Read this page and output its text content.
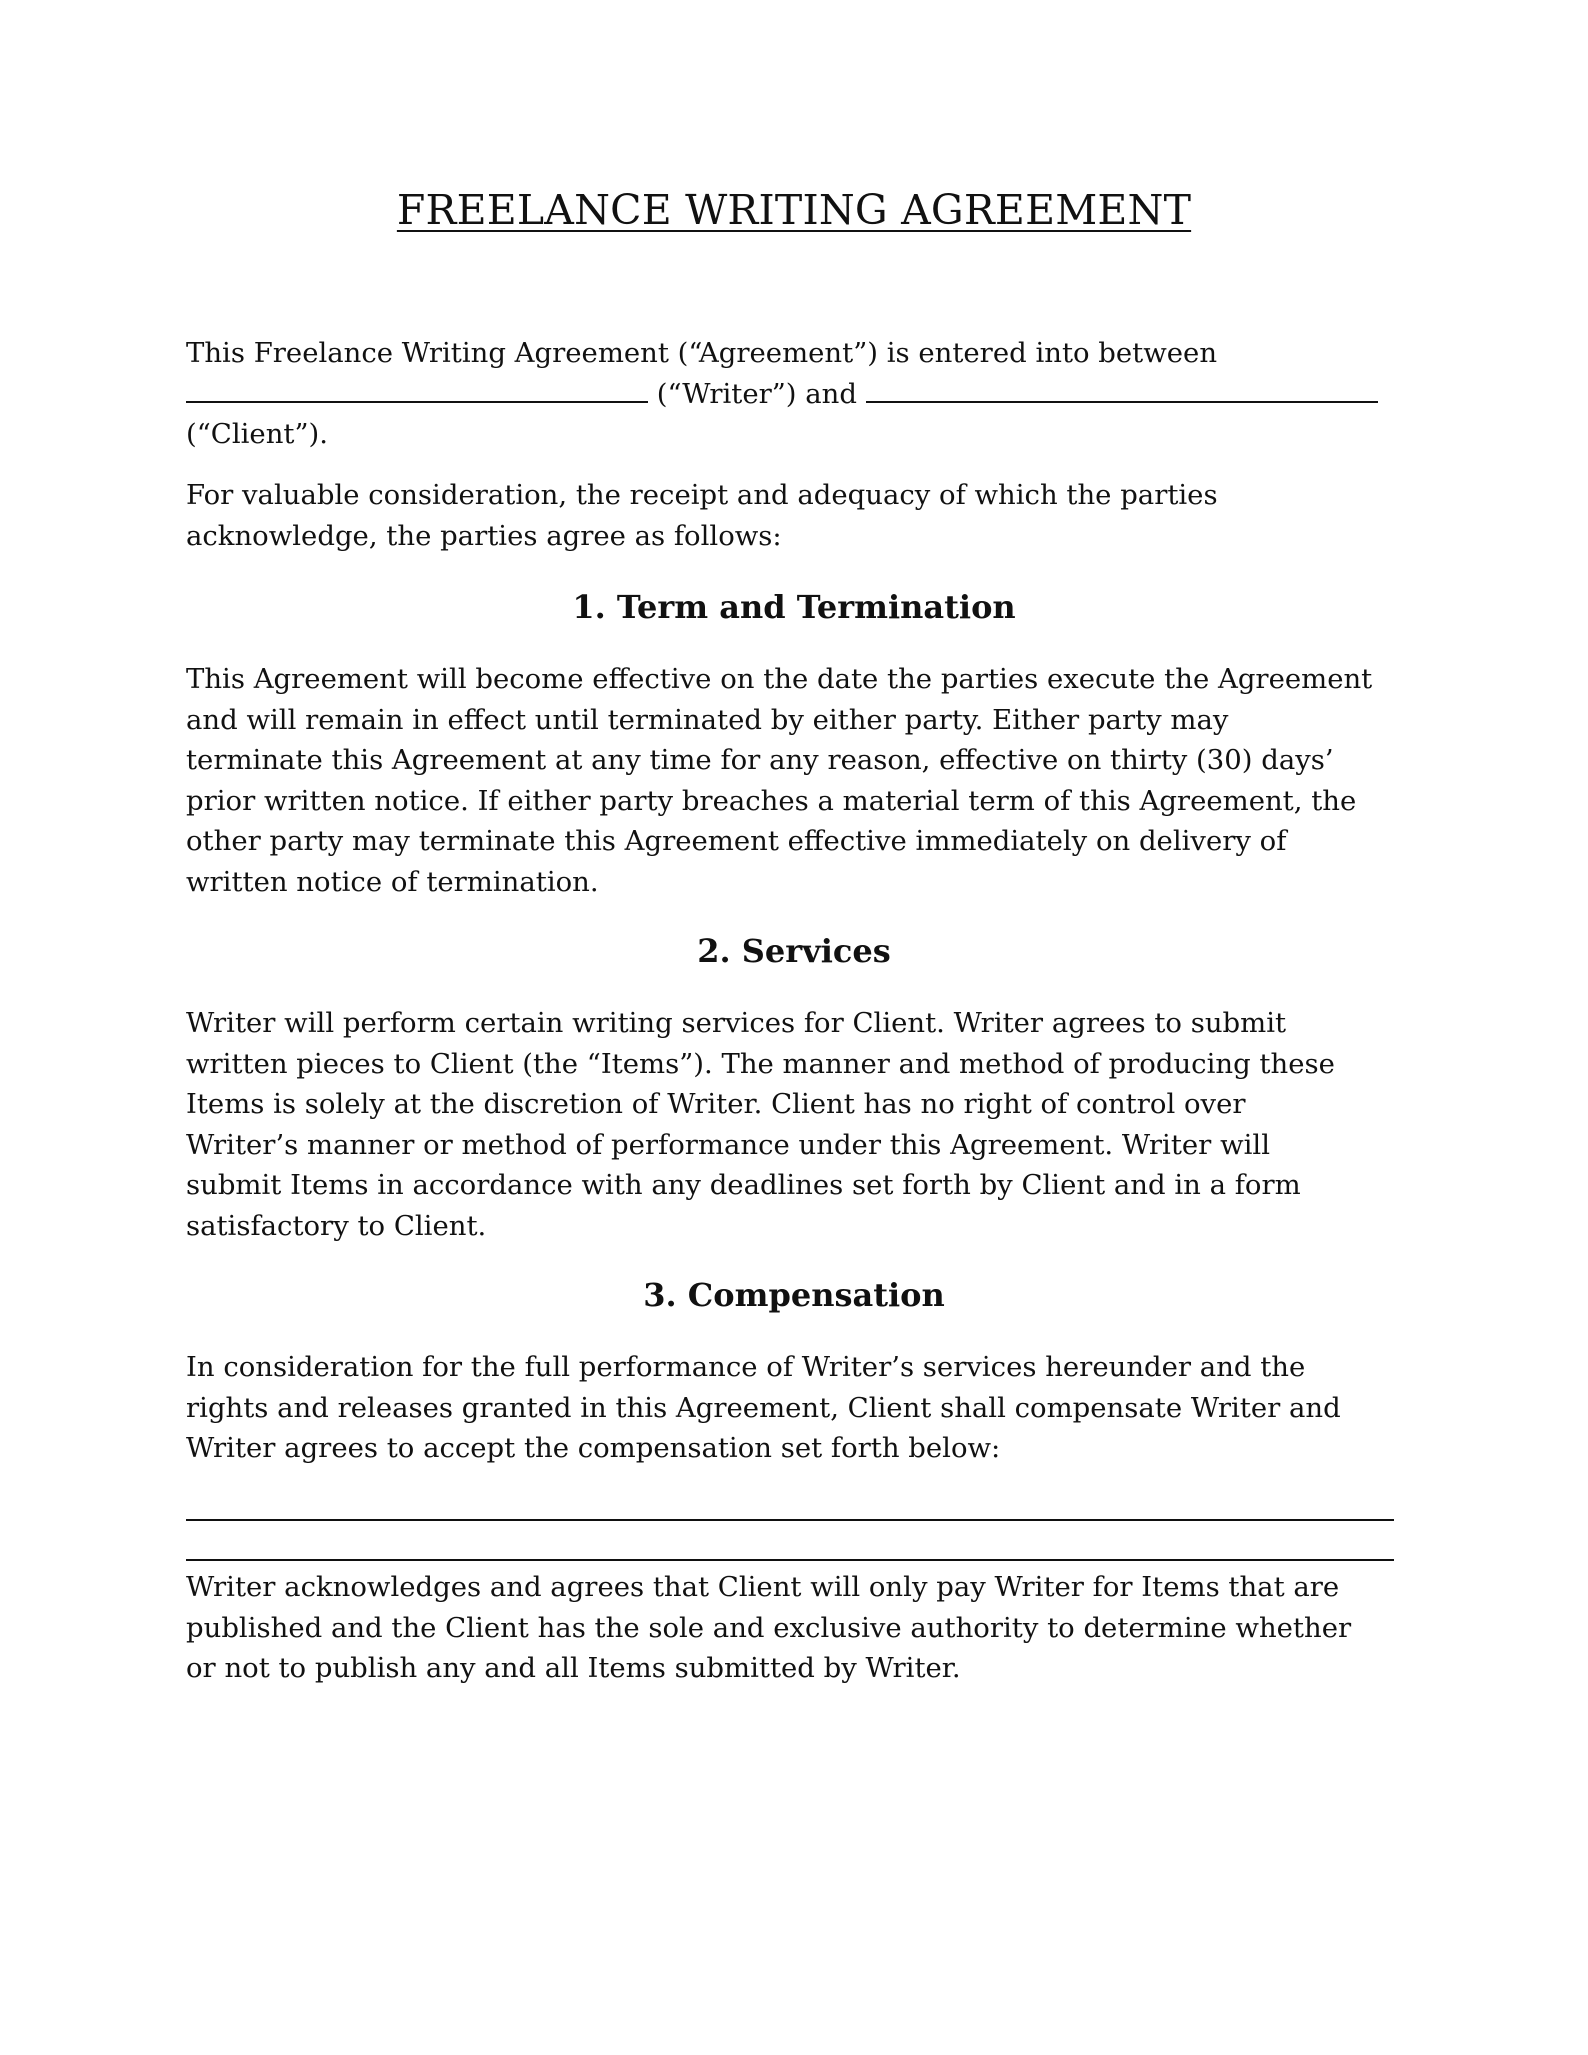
FREELANCE WRITING AGREEMENT
This Freelance Writing Agreement (“Agreement”) is entered into between
(“Writer”) and
(“Client”).
For valuable consideration, the receipt and adequacy of which the parties
acknowledge, the parties agree as follows:
1. Term and Termination
This Agreement will become effective on the date the parties execute the Agreement
and will remain in effect until terminated by either party. Either party may
terminate this Agreement at any time for any reason, effective on thirty (30) days’
prior written notice. If either party breaches a material term of this Agreement, the
other party may terminate this Agreement effective immediately on delivery of
written notice of termination.
2. Services
Writer will perform certain writing services for Client. Writer agrees to submit
written pieces to Client (the “Items”). The manner and method of producing these
Items is solely at the discretion of Writer. Client has no right of control over
Writer’s manner or method of performance under this Agreement. Writer will
submit Items in accordance with any deadlines set forth by Client and in a form
satisfactory to Client.
3. Compensation
In consideration for the full performance of Writer’s services hereunder and the
rights and releases granted in this Agreement, Client shall compensate Writer and
Writer agrees to accept the compensation set forth below:
Writer acknowledges and agrees that Client will only pay Writer for Items that are
published and the Client has the sole and exclusive authority to determine whether
or not to publish any and all Items submitted by Writer.
